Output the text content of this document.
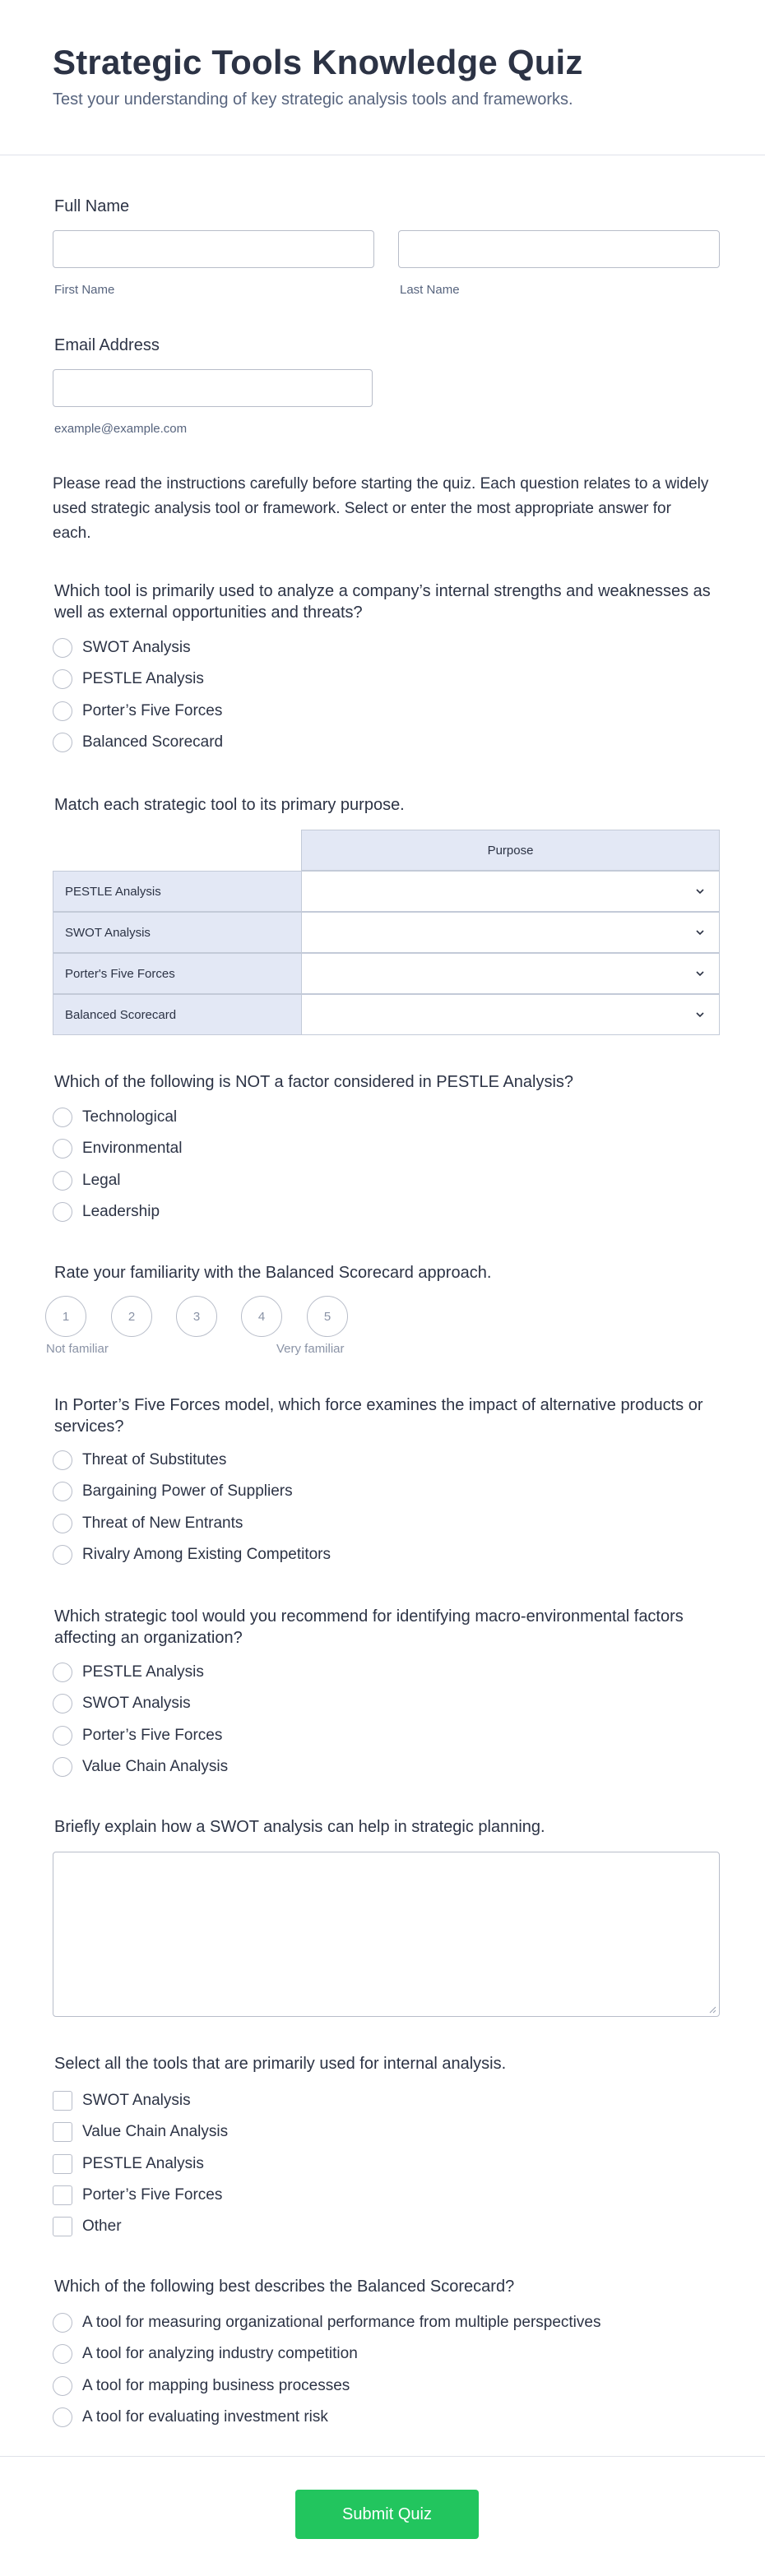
Strategic Tools Knowledge Quiz
Test your understanding of key strategic analysis tools and frameworks.
Full Name
First Name	Last Name
Email Address
example@example.com
Please read the instructions carefully before starting the quiz. Each question relates to a widely used strategic analysis tool or framework. Select or enter the most appropriate answer for each.
Which tool is primarily used to analyze a company’s internal strengths and weaknesses as well as external opportunities and threats?
SWOT Analysis
PESTLE Analysis
Porter’s Five Forces
Balanced Scorecard
Match each strategic tool to its primary purpose.
Purpose
PESTLE Analysis
SWOT Analysis
Porter's Five Forces
Balanced Scorecard
Which of the following is NOT a factor considered in PESTLE Analysis?
Technological
Environmental
Legal
Leadership
Rate your familiarity with the Balanced Scorecard approach.
1	2	3	4	5
Not familiar	Very familiar
In Porter’s Five Forces model, which force examines the impact of alternative products or services?
Threat of Substitutes
Bargaining Power of Suppliers
Threat of New Entrants
Rivalry Among Existing Competitors
Which strategic tool would you recommend for identifying macro-environmental factors affecting an organization?
PESTLE Analysis
SWOT Analysis
Porter’s Five Forces
Value Chain Analysis
Briefly explain how a SWOT analysis can help in strategic planning.
Select all the tools that are primarily used for internal analysis.
SWOT Analysis
Value Chain Analysis
PESTLE Analysis
Porter’s Five Forces
Other
Which of the following best describes the Balanced Scorecard?
A tool for measuring organizational performance from multiple perspectives
A tool for analyzing industry competition
A tool for mapping business processes
A tool for evaluating investment risk
Submit Quiz
